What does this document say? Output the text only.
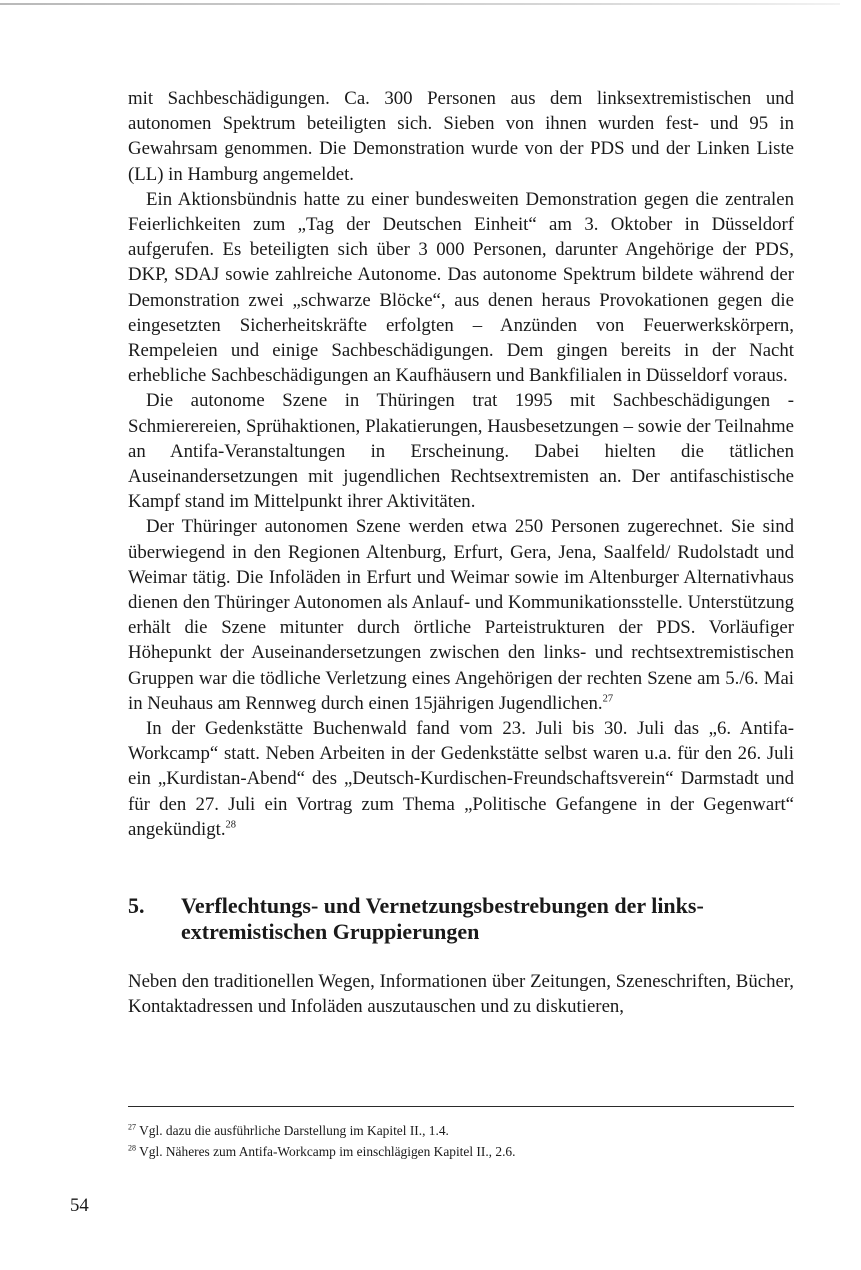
mit Sachbeschädigungen. Ca. 300 Personen aus dem linksextremistischen und autonomen Spektrum beteiligten sich. Sieben von ihnen wurden fest- und 95 in Gewahrsam genommen. Die Demonstration wurde von der PDS und der Linken Liste (LL) in Hamburg angemeldet.

Ein Aktionsbündnis hatte zu einer bundesweiten Demonstration gegen die zentralen Feierlichkeiten zum „Tag der Deutschen Einheit“ am 3. Oktober in Düsseldorf aufgerufen. Es beteiligten sich über 3 000 Personen, darunter Angehörige der PDS, DKP, SDAJ sowie zahlreiche Autonome. Das autonome Spektrum bildete während der Demonstration zwei „schwarze Blöcke“, aus denen heraus Provokationen gegen die eingesetzten Sicherheitskräfte erfolgten – Anzünden von Feuerwerkskörpern, Rempeleien und einige Sachbeschädigungen. Dem gingen bereits in der Nacht erhebliche Sachbeschädigungen an Kaufhäusern und Bankfilialen in Düsseldorf voraus.

Die autonome Szene in Thüringen trat 1995 mit Sachbeschädigungen - Schmierereien, Sprühaktionen, Plakatierungen, Hausbesetzungen – sowie der Teilnahme an Antifa-Veranstaltungen in Erscheinung. Dabei hielten die tätlichen Auseinandersetzungen mit jugendlichen Rechtsextremisten an. Der antifaschistische Kampf stand im Mittelpunkt ihrer Aktivitäten.

Der Thüringer autonomen Szene werden etwa 250 Personen zugerechnet. Sie sind überwiegend in den Regionen Altenburg, Erfurt, Gera, Jena, Saalfeld/ Rudolstadt und Weimar tätig. Die Infoläden in Erfurt und Weimar sowie im Altenburger Alternativhaus dienen den Thüringer Autonomen als Anlauf- und Kommunikationsstelle. Unterstützung erhält die Szene mitunter durch örtliche Parteistrukturen der PDS. Vorläufiger Höhepunkt der Auseinandersetzungen zwischen den links- und rechtsextremistischen Gruppen war die tödliche Verletzung eines Angehörigen der rechten Szene am 5./6. Mai in Neuhaus am Rennweg durch einen 15jährigen Jugendlichen.$^{27}$

In der Gedenkstätte Buchenwald fand vom 23. Juli bis 30. Juli das „6. Antifa-Workcamp“ statt. Neben Arbeiten in der Gedenkstätte selbst waren u.a. für den 26. Juli ein „Kurdistan-Abend“ des „Deutsch-Kurdischen-Freundschaftsverein“ Darmstadt und für den 27. Juli ein Vortrag zum Thema „Politische Gefangene in der Gegenwart“ angekündigt.$^{28}$

5.	Verflechtungs- und Vernetzungsbestrebungen der linksextremistischen Gruppierungen

Neben den traditionellen Wegen, Informationen über Zeitungen, Szeneschriften, Bücher, Kontaktadressen und Infoläden auszutauschen und zu diskutieren,

$^{27}$ Vgl. dazu die ausführliche Darstellung im Kapitel II., 1.4.

$^{28}$ Vgl. Näheres zum Antifa-Workcamp im einschlägigen Kapitel II., 2.6.

54
